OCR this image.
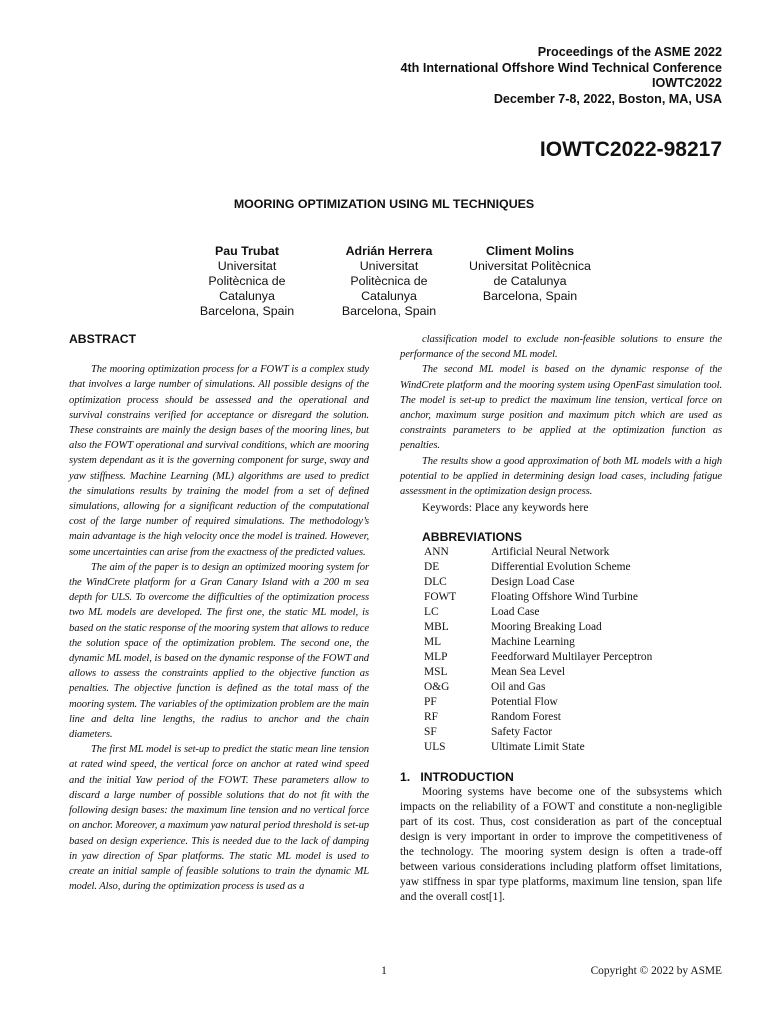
Proceedings of the ASME 2022
4th International Offshore Wind Technical Conference
IOWTC2022
December 7-8, 2022, Boston, MA, USA
IOWTC2022-98217
MOORING OPTIMIZATION USING ML TECHNIQUES
Pau Trubat
Universitat
Politècnica de
Catalunya
Barcelona, Spain
Adrián Herrera
Universitat
Politècnica de
Catalunya
Barcelona, Spain
Climent Molins
Universitat Politècnica
de Catalunya
Barcelona, Spain

ABSTRACT

The mooring optimization process for a FOWT is a complex study that involves a large number of simulations. All possible designs of the optimization process should be assessed and the operational and survival constrains verified for acceptance or disregard the solution. These constraints are mainly the design bases of the mooring lines, but also the FOWT operational and survival conditions, which are mooring system dependant as it is the governing component for surge, sway and yaw stiffness. Machine Learning (ML) algorithms are used to predict the simulations results by training the model from a set of defined simulations, allowing for a significant reduction of the computational cost of the large number of required simulations. The methodology’s main advantage is the high velocity once the model is trained. However, some uncertainties can arise from the exactness of the predicted values.

The aim of the paper is to design an optimized mooring system for the WindCrete platform for a Gran Canary Island with a 200 m sea depth for ULS. To overcome the difficulties of the optimization process two ML models are developed. The first one, the static ML model, is based on the static response of the mooring system that allows to reduce the solution space of the optimization problem. The second one, the dynamic ML model, is based on the dynamic response of the FOWT and allows to assess the constraints applied to the objective function as penalties. The objective function is defined as the total mass of the mooring system. The variables of the optimization problem are the main line and delta line lengths, the radius to anchor and the chain diameters.

The first ML model is set-up to predict the static mean line tension at rated wind speed, the vertical force on anchor at rated wind speed and the initial Yaw period of the FOWT. These parameters allow to discard a large number of possible solutions that do not fit with the following design bases: the maximum line tension and no vertical force on anchor. Moreover, a maximum yaw natural period threshold is set-up based on design experience. This is needed due to the lack of damping in yaw direction of Spar platforms. The static ML model is used to create an initial sample of feasible solutions to train the dynamic ML model. Also, during the optimization process is used as a

classification model to exclude non-feasible solutions to ensure the performance of the second ML model.

The second ML model is based on the dynamic response of the WindCrete platform and the mooring system using OpenFast simulation tool. The model is set-up to predict the maximum line tension, vertical force on anchor, maximum surge position and maximum pitch which are used as constraints parameters to be applied at the optimization function as penalties.

The results show a good approximation of both ML models with a high potential to be applied in determining design load cases, including fatigue assessment in the optimization design process.

Keywords: Place any keywords here

ABBREVIATIONS

ANN	Artificial Neural Network
DE	Differential Evolution Scheme
DLC	Design Load Case
FOWT	Floating Offshore Wind Turbine
LC	Load Case
MBL	Mooring Breaking Load
ML	Machine Learning
MLP	Feedforward Multilayer Perceptron
MSL	Mean Sea Level
O&G	Oil and Gas
PF	Potential Flow
RF	Random Forest
SF	Safety Factor
ULS	Ultimate Limit State

1.   INTRODUCTION

Mooring systems have become one of the subsystems which impacts on the reliability of a FOWT and constitute a non-negligible part of its cost. Thus, cost consideration as part of the conceptual design is very important in order to improve the competitiveness of the technology. The mooring system design is often a trade-off between various considerations including platform offset limitations, yaw stiffness in spar type platforms, maximum line tension, span life and the overall cost[1].

1	Copyright © 2022 by ASME
